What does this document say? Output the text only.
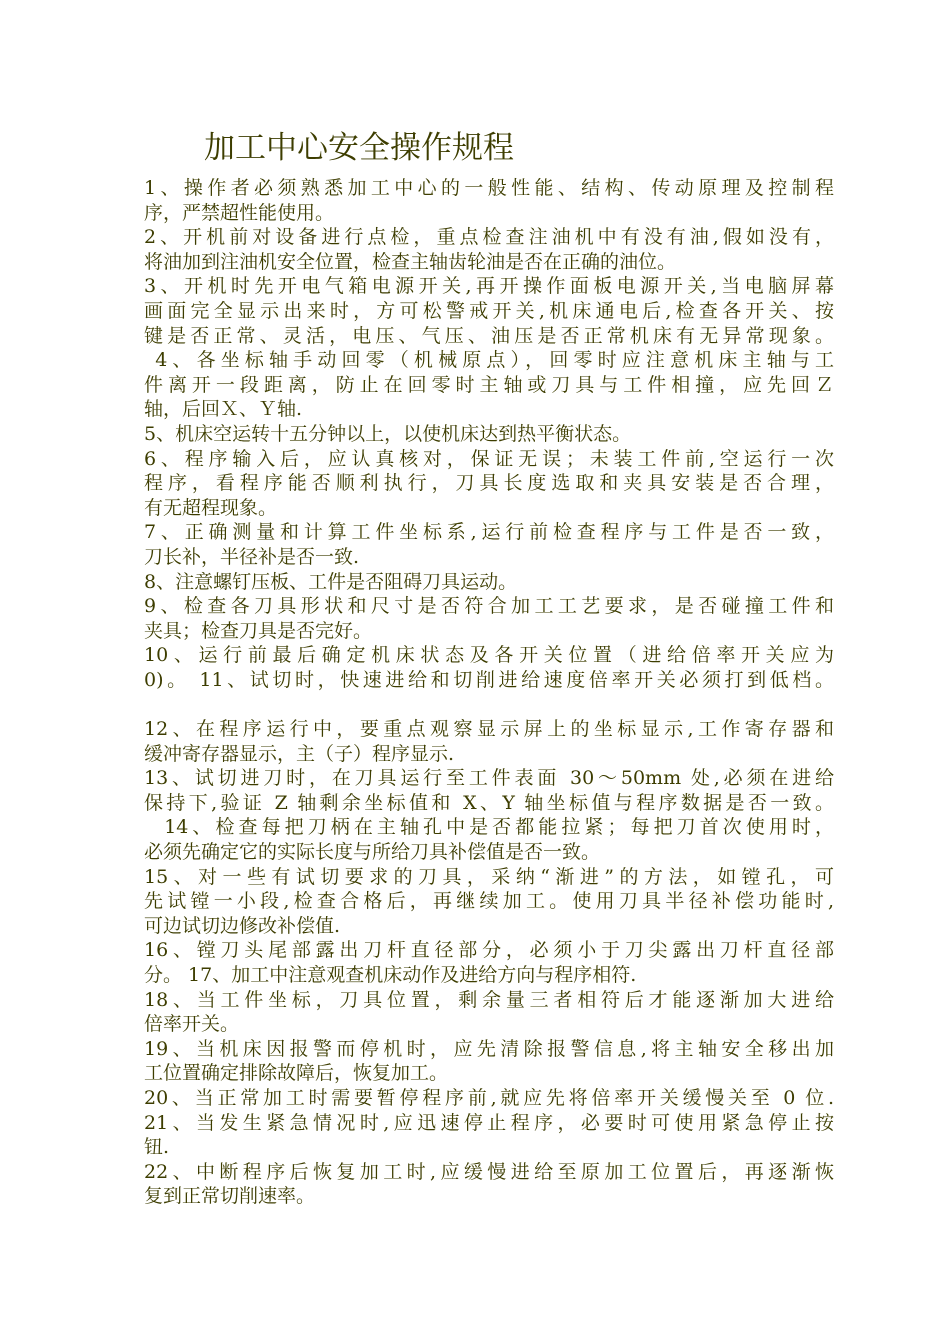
加工中心安全操作规程
1、操作者必须熟悉加工中心的一般性能、结构、传动原理及控制程
序，严禁超性能使用。
2、开机前对设备进行点检，重点检查注油机中有没有油,假如没有，
将油加到注油机安全位置，检查主轴齿轮油是否在正确的油位。
3、开机时先开电气箱电源开关,再开操作面板电源开关,当电脑屏幕
画面完全显示出来时，方可松警戒开关,机床通电后,检查各开关、按
键是否正常、灵活，电压、气压、油压是否正常机床有无异常现象。
4、各坐标轴手动回零（机械原点），回零时应注意机床主轴与工
件离开一段距离，防止在回零时主轴或刀具与工件相撞，应先回Ｚ
轴，后回Ｘ、Ｙ轴.
5、机床空运转十五分钟以上，以使机床达到热平衡状态。
6、程序输入后，应认真核对，保证无误；未装工件前,空运行一次
程序，看程序能否顺利执行，刀具长度选取和夹具安装是否合理，
有无超程现象。
7、正确测量和计算工件坐标系,运行前检查程序与工件是否一致，
刀长补，半径补是否一致.
8、注意螺钉压板、工件是否阻碍刀具运动。
9、检查各刀具形状和尺寸是否符合加工工艺要求，是否碰撞工件和
夹具；检查刀具是否完好。
10、运行前最后确定机床状态及各开关位置（进给倍率开关应为
0)。 11、试切时，快速进给和切削进给速度倍率开关必须打到低档。
12、在程序运行中，要重点观察显示屏上的坐标显示,工作寄存器和
缓冲寄存器显示，主（子）程序显示.
13、试切进刀时，在刀具运行至工件表面 30～50mm 处,必须在进给
保持下,验证 Z 轴剩余坐标值和 X、Y 轴坐标值与程序数据是否一致。
14、检查每把刀柄在主轴孔中是否都能拉紧；每把刀首次使用时，
必须先确定它的实际长度与所给刀具补偿值是否一致。
15、对一些有试切要求的刀具，采纳“渐进”的方法，如镗孔，可
先试镗一小段,检查合格后，再继续加工。使用刀具半径补偿功能时,
可边试切边修改补偿值.
16、镗刀头尾部露出刀杆直径部分，必须小于刀尖露出刀杆直径部
分。 17、加工中注意观查机床动作及进给方向与程序相符.
18、当工件坐标，刀具位置，剩余量三者相符后才能逐渐加大进给
倍率开关。
19、当机床因报警而停机时，应先清除报警信息,将主轴安全移出加
工位置确定排除故障后，恢复加工。
20、当正常加工时需要暂停程序前,就应先将倍率开关缓慢关至 0 位.
21、当发生紧急情况时,应迅速停止程序，必要时可使用紧急停止按
钮.
22、中断程序后恢复加工时,应缓慢进给至原加工位置后，再逐渐恢
复到正常切削速率。
